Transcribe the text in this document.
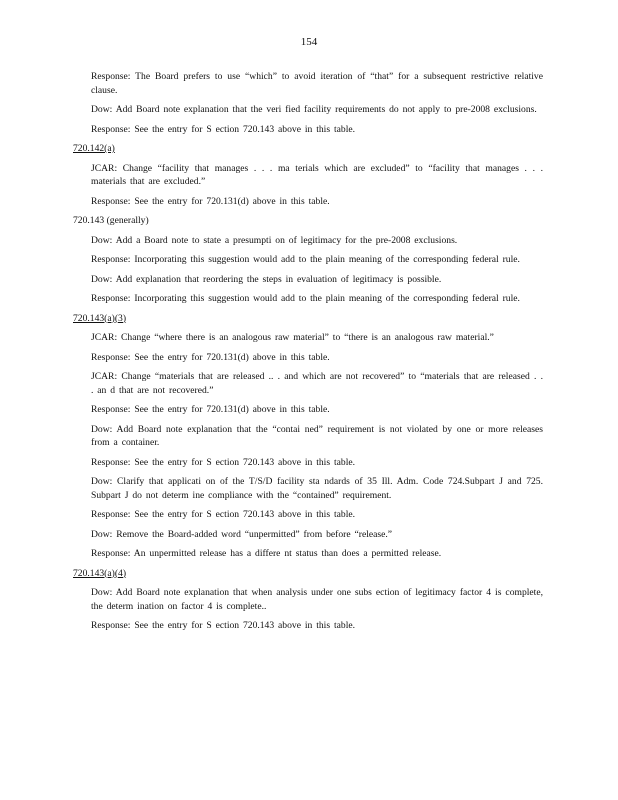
154

Response: The Board prefers to use “which” to avoid iteration of “that” for a subsequent restrictive relative clause.

Dow: Add Board note explanation that the veri fied facility requirements do not apply to pre-2008 exclusions.

Response: See the entry for S ection 720.143 above in this table.

720.142(a)

JCAR: Change “facility that manages . . . ma terials which are excluded” to “facility that manages . . . materials that are excluded.”

Response: See the entry for 720.131(d) above in this table.

720.143 (generally)

Dow: Add a Board note to state a presumpti on of legitimacy for the pre-2008 exclusions.

Response: Incorporating this suggestion would add to the plain meaning of the corresponding federal rule.

Dow: Add explanation that reordering the steps in evaluation of legitimacy is possible.

Response: Incorporating this suggestion would add to the plain meaning of the corresponding federal rule.

720.143(a)(3)

JCAR: Change “where there is an analogous raw material” to “there is an analogous raw material.”

Response: See the entry for 720.131(d) above in this table.

JCAR: Change “materials that are released .. . and which are not recovered” to “materials that are released . . . an d that are not recovered.”

Response: See the entry for 720.131(d) above in this table.

Dow: Add Board note explanation that the “contai ned” requirement is not violated by one or more releases from a container.

Response: See the entry for S ection 720.143 above in this table.

Dow: Clarify that applicati on of the T/S/D facility sta ndards of 35 Ill. Adm. Code 724.Subpart J and 725. Subpart J do not determ ine compliance with the “contained” requirement.

Response: See the entry for S ection 720.143 above in this table.

Dow: Remove the Board-added word “unpermitted” from before “release.”

Response: An unpermitted release has a differe nt status than does a permitted release.

720.143(a)(4)

Dow: Add Board note explanation that when analysis under one subs ection of legitimacy factor 4 is complete, the determ ination on factor 4 is complete..

Response: See the entry for S ection 720.143 above in this table.
